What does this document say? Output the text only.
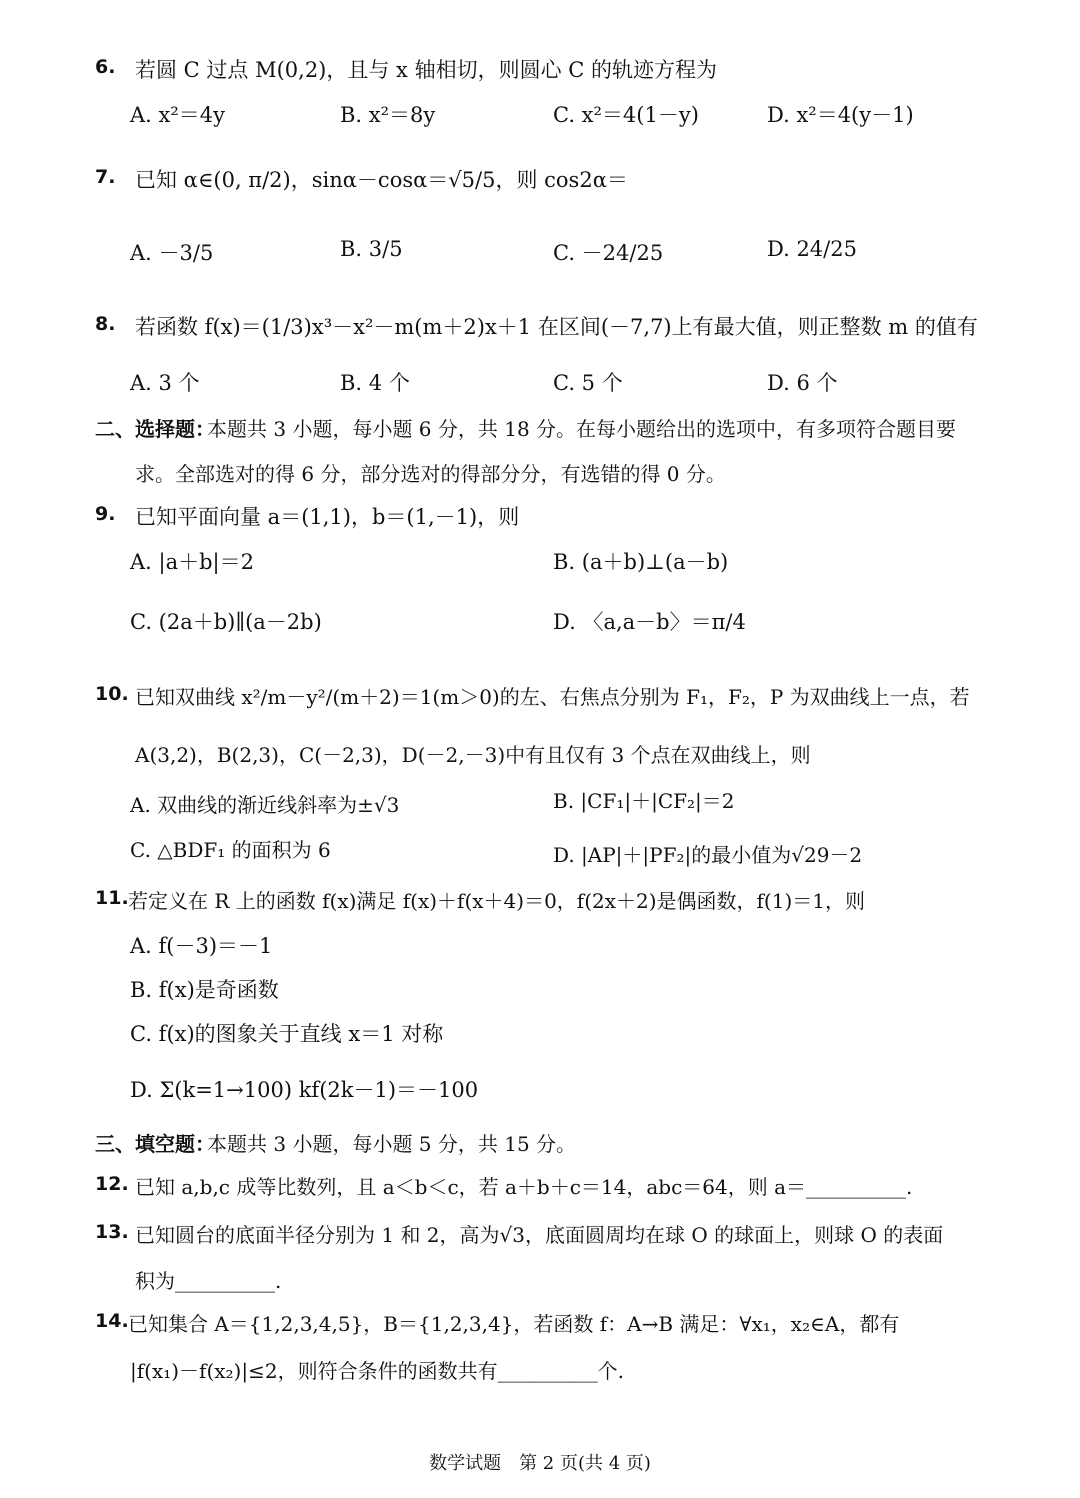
6. 若圆 C 过点 M(0,2)，且与 x 轴相切，则圆心 C 的轨迹方程为
A. x²＝4y	B. x²＝8y	C. x²＝4(1－y)	D. x²＝4(y－1)
7. 已知 α∈(0, π/2)，sinα－cosα＝√5/5，则 cos2α＝
A. －3/5	B. 3/5	C. －24/25	D. 24/25
8. 若函数 f(x)＝(1/3)x³－x²－m(m＋2)x＋1 在区间(－7,7)上有最大值，则正整数 m 的值有
A. 3 个	B. 4 个	C. 5 个	D. 6 个
二、选择题：
本题共 3 小题，每小题 6 分，共 18 分。在每小题给出的选项中，有多项符合题目要
求。全部选对的得 6 分，部分选对的得部分分，有选错的得 0 分。
9. 已知平面向量 a＝(1,1)，b＝(1,－1)，则
A. |a＋b|＝2	B. (a＋b)⊥(a－b)
C. (2a＋b)∥(a－2b)	D. 〈a,a－b〉＝π/4
10. 已知双曲线 x²/m－y²/(m＋2)＝1(m＞0)的左、右焦点分别为 F₁，F₂，P 为双曲线上一点，若
A(3,2)，B(2,3)，C(－2,3)，D(－2,－3)中有且仅有 3 个点在双曲线上，则
A. 双曲线的渐近线斜率为±√3	B. |CF₁|＋|CF₂|＝2
C. △BDF₁ 的面积为 6	D. |AP|＋|PF₂|的最小值为√29－2
11. 若定义在 R 上的函数 f(x)满足 f(x)＋f(x＋4)＝0，f(2x＋2)是偶函数，f(1)＝1，则
A. f(－3)＝－1
B. f(x)是奇函数
C. f(x)的图象关于直线 x＝1 对称
D. Σ(k=1→100) kf(2k－1)＝－100
三、填空题：
本题共 3 小题，每小题 5 分，共 15 分。
12. 已知 a,b,c 成等比数列，且 a＜b＜c，若 a＋b＋c＝14，abc＝64，则 a＝__________.
13. 已知圆台的底面半径分别为 1 和 2，高为√3，底面圆周均在球 O 的球面上，则球 O 的表面
积为__________.
14. 已知集合 A＝{1,2,3,4,5}，B＝{1,2,3,4}，若函数 f：A→B 满足：∀x₁，x₂∈A，都有
|f(x₁)－f(x₂)|≤2，则符合条件的函数共有__________个.
数学试题　第 2 页(共 4 页)
